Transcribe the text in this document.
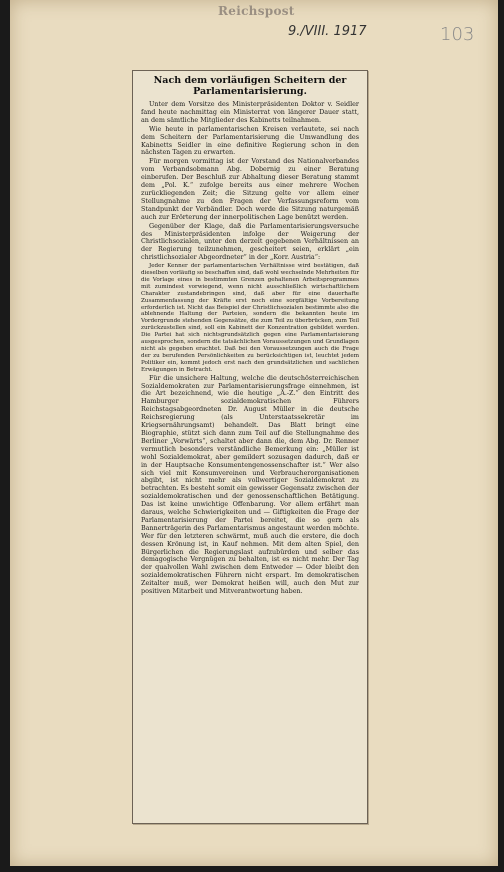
Reichspost
9./VIII. 1917	103
Nach dem vorläufigen Scheitern der Parlamentarisierung.

Unter dem Vorsitze des Ministerpräsidenten Doktor v. Seidler fand heute nachmittag ein Ministerrat von längerer Dauer statt, an dem sämtliche Mitglieder des Kabinetts teilnahmen.

Wie heute in parlamentarischen Kreisen verlautete, sei nach dem Scheitern der Parlamentarisierung die Umwandlung des Kabinetts Seidler in eine definitive Regierung schon in den nächsten Tagen zu erwarten.

Für morgen vormittag ist der Vorstand des Nationalverbandes vom Verbandsobmann Abg. Dobernig zu einer Beratung einberufen. Der Beschluß zur Abhaltung dieser Beratung stammt dem „Pol. K.“ zufolge bereits aus einer mehrere Wochen zurückliegenden Zeit; die Sitzung gelte vor allem einer Stellungnahme zu den Fragen der Verfassungsreform vom Standpunkt der Verbändler. Doch werde die Sitzung naturgemäß auch zur Erörterung der innerpolitischen Lage benützt werden.

Gegenüber der Klage, daß die Parlamentarisierungsversuche des Ministerpräsidenten infolge der Weigerung der Christlichsozialen, unter den derzeit gegebenen Verhältnissen an der Regierung teilzunehmen, gescheitert seien, erklärt „ein christlichsozialer Abgeordneter“ in der „Korr. Austria“:

Jeder Kenner der parlamentarischen Verhältnisse wird bestätigen, daß dieselben vorläufig so beschaffen sind, daß wohl wechselnde Mehrheiten für die Vorlage eines in bestimmten Grenzen gehaltenen Arbeitsprogrammes mit zumindest vorwiegend, wenn nicht ausschließlich wirtschaftlichem Charakter zustandebringen sind, daß aber für eine dauerhafte Zusammenfassung der Kräfte erst noch eine sorgfältige Vorbereitung erforderlich ist. Nicht das Beispiel der Christlichsozialen bestimmte also die ablehnende Haltung der Parteien, sondern die bekannten heute im Vordergrunde stehenden Gegensätze, die zum Teil zu überbrücken, zum Teil zurückzustellen sind, soll ein Kabinett der Konzentration gebildet werden. Die Partei hat sich nichtsgrundsätzlich gegen eine Parlamentarisierung ausgesprochen, sondern die tatsächlichen Voraussetzungen und Grundlagen nicht als gegeben erachtet. Daß bei den Voraussetzungen auch die Frage der zu berufenden Persönlichkeiten zu berücksichtigen ist, leuchtet jedem Politiker ein, kommt jedoch erst nach den grundsätzlichen und sachlichen Erwägungen in Betracht.

Für die unsichere Haltung, welche die deutschösterreichischen Sozialdemokraten zur Parlamentarisierungsfrage einnehmen, ist die Art bezeichnend, wie die heutige „A.-Z.“ den Eintritt des Hamburger sozialdemokratischen Führers Reichstagsabgeordneten Dr. August Müller in die deutsche Reichsregierung (als Unterstaatssekretär im Kriegsernährungsamt) behandelt. Das Blatt bringt eine Biographie, stützt sich dann zum Teil auf die Stellungnahme des Berliner „Vorwärts“, schaltet aber dann die, dem Abg. Dr. Renner vermutlich besonders verständliche Bemerkung ein: „Müller ist wohl Sozialdemokrat, aber gemildert sozusagen dadurch, daß er in der Hauptsache Konsumentengenossenschafter ist.“ Wer also sich viel mit Konsumvereinen und Verbraucherorganisationen abgibt, ist nicht mehr als vollwertiger Sozialdemokrat zu betrachten. Es besteht somit ein gewisser Gegensatz zwischen der sozialdemokratischen und der genossenschaftlichen Betätigung. Das ist keine unwichtige Offenbarung. Vor allem erfährt man daraus, welche Schwierigkeiten und — Giftigkeiten die Frage der Parlamentarisierung der Partei bereitet, die so gern als Bannerträgerin des Parlamentarismus angestaunt werden möchte. Wer für den letzteren schwärmt, muß auch die erstere, die doch dessen Krönung ist, in Kauf nehmen. Mit dem alten Spiel, den Bürgerlichen die Regierungslast aufzubürden und selber das demagogische Vergnügen zu behalten, ist es nicht mehr. Der Tag der qualvollen Wahl zwischen dem Entweder — Oder bleibt den sozialdemokratischen Führern nicht erspart. Im demokratischen Zeitalter muß, wer Demokrat heißen will, auch den Mut zur positiven Mitarbeit und Mitverantwortung haben.
